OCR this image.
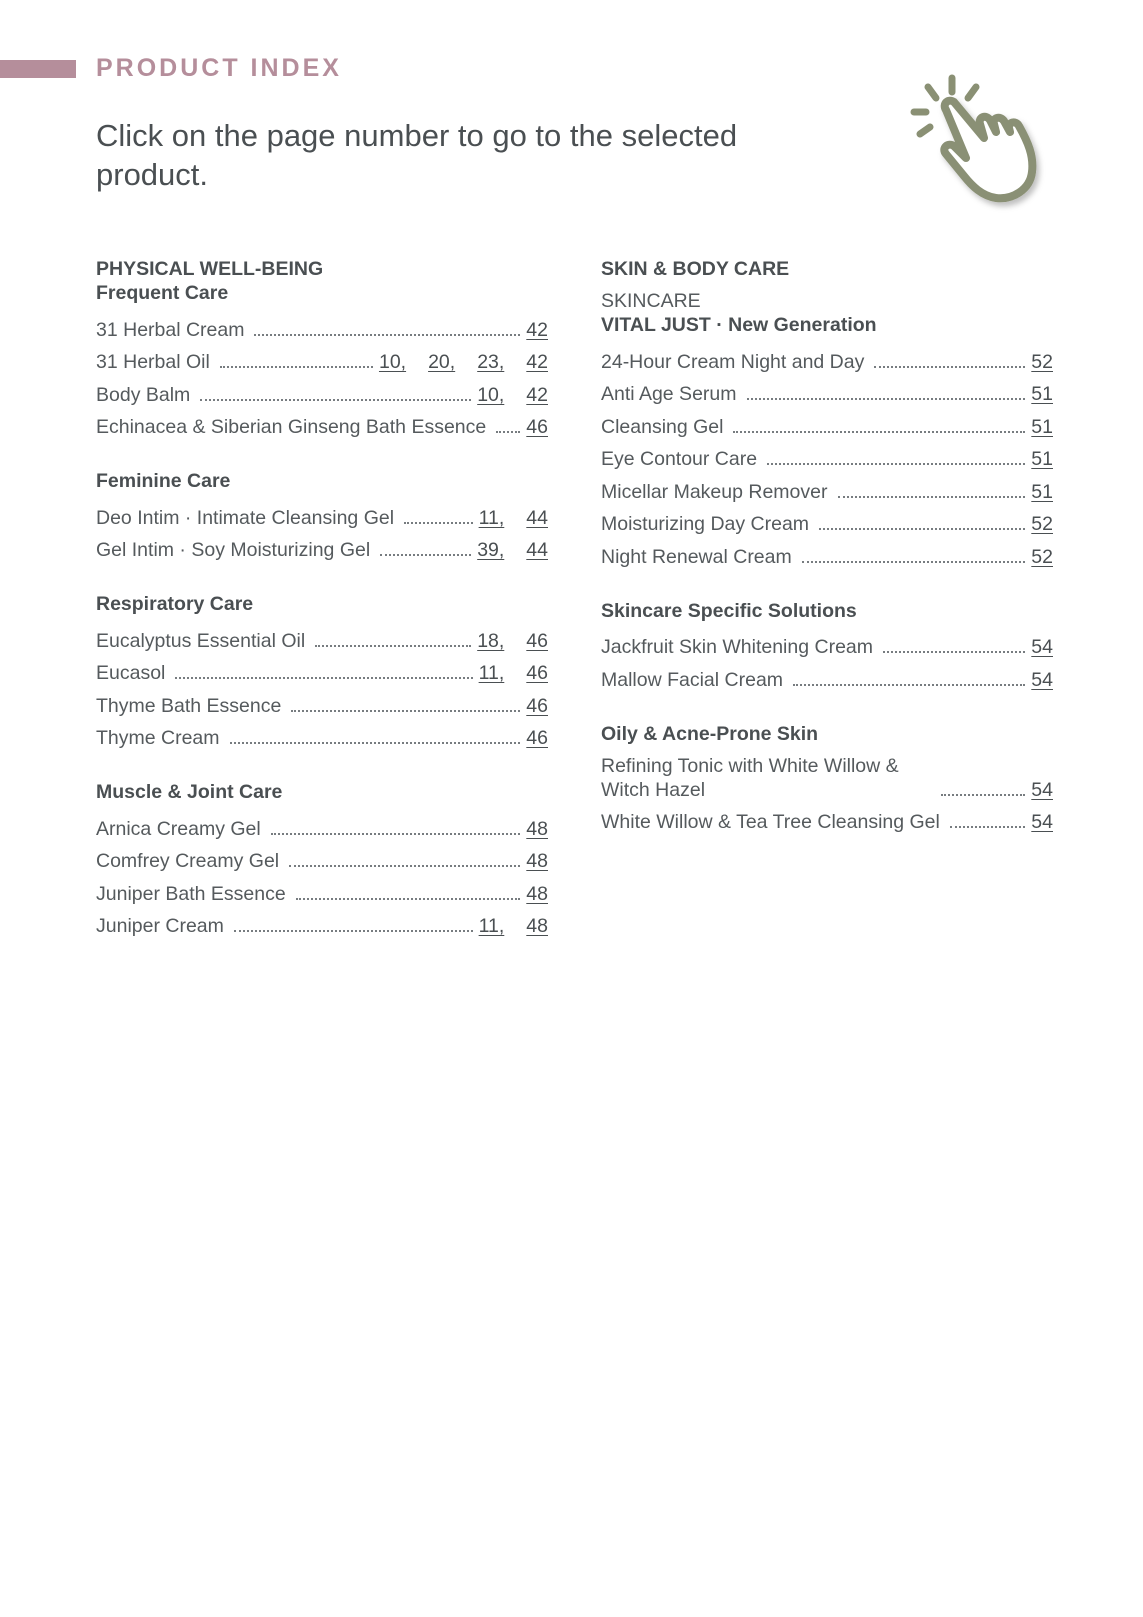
PRODUCT INDEX
Click on the page number to go to the selected product.
PHYSICAL WELL-BEING
Frequent Care
31 Herbal Cream	42
31 Herbal Oil	10, 20, 23, 42
Body Balm	10, 42
Echinacea & Siberian Ginseng Bath Essence 46
Feminine Care
Deo Intim · Intimate Cleansing Gel	11, 44
Gel Intim · Soy Moisturizing Gel	39, 44
Respiratory Care
Eucalyptus Essential Oil	18, 46
Eucasol	11, 46
Thyme Bath Essence	46
Thyme Cream	46
Muscle & Joint Care
Arnica Creamy Gel	48
Comfrey Creamy Gel	48
Juniper Bath Essence	48
Juniper Cream	11, 48
SKIN & BODY CARE
SKINCARE
VITAL JUST · New Generation
24-Hour Cream Night and Day	52
Anti Age Serum	51
Cleansing Gel	51
Eye Contour Care	51
Micellar Makeup Remover	51
Moisturizing Day Cream	52
Night Renewal Cream	52
Skincare Specific Solutions
Jackfruit Skin Whitening Cream	54
Mallow Facial Cream	54
Oily & Acne-Prone Skin
Refining Tonic with White Willow & Witch Hazel	54
White Willow & Tea Tree Cleansing Gel	54
